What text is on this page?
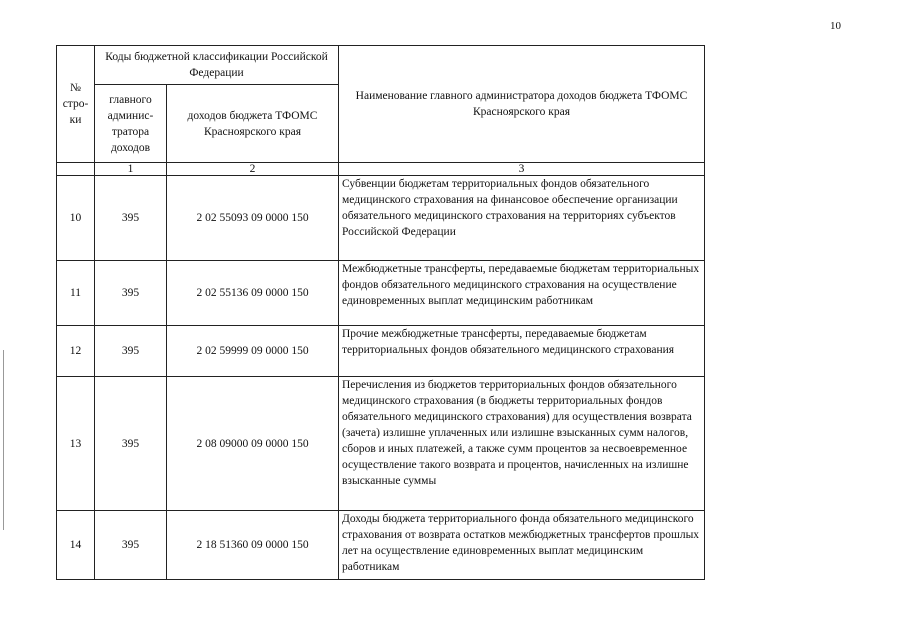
10
№ стро-ки	Коды бюджетной классификации Российской Федерации		Наименование главного администратора доходов бюджета ТФОМС Красноярского края
	главного админис-тратора доходов	доходов бюджета ТФОМС Красноярского края	
	1	2	3
10	395	2 02 55093 09 0000 150	Субвенции бюджетам территориальных фондов обязательного медицинского страхования на финансовое обеспечение организации обязательного медицинского страхования на территориях субъектов Российской Федерации
11	395	2 02 55136 09 0000 150	Межбюджетные трансферты, передаваемые бюджетам территориальных фондов обязательного медицинского страхования на осуществление единовременных выплат медицинским работникам
12	395	2 02 59999 09 0000 150	Прочие межбюджетные трансферты, передаваемые бюджетам территориальных фондов обязательного медицинского страхования
13	395	2 08 09000 09 0000 150	Перечисления из бюджетов территориальных фондов обязательного медицинского страхования (в бюджеты территориальных фондов обязательного медицинского страхования) для осуществления возврата (зачета) излишне уплаченных или излишне взысканных сумм налогов, сборов и иных платежей, а также сумм процентов за несвоевременное осуществление такого возврата и процентов, начисленных на излишне взысканные суммы
14	395	2 18 51360 09 0000 150	Доходы бюджета территориального фонда обязательного медицинского страхования от возврата остатков межбюджетных трансфертов прошлых лет на осуществление единовременных выплат медицинским работникам
